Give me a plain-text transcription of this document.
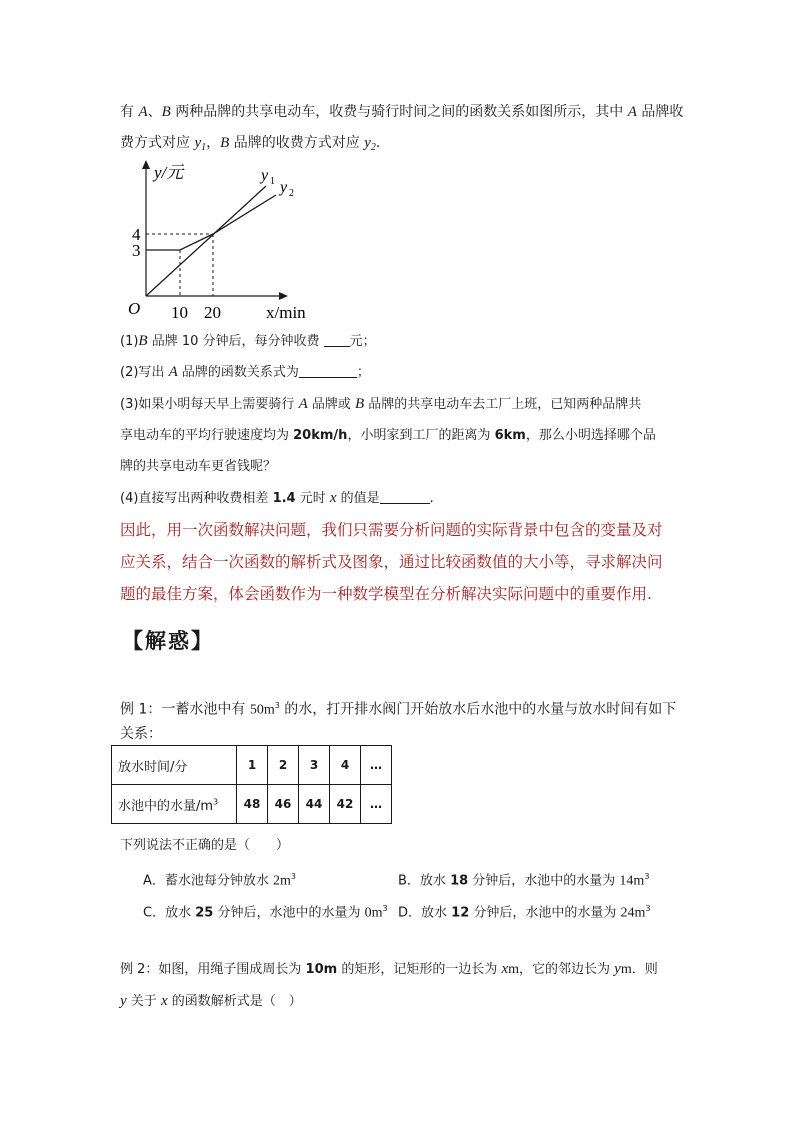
有 A、B 两种品牌的共享电动车，收费与骑行时间之间的函数关系如图所示，其中 A 品牌收
费方式对应 $y_1$，B 品牌的收费方式对应 $y_2$.
y/元
x/min
O
4
3
10 20
y 1 y 2
(1)B 品牌 10 分钟后，每分钟收费 元；
(2)写出 A 品牌的函数关系式为	；
(3)如果小明每天早上需要骑行 A 品牌或 B 品牌的共享电动车去工厂上班，已知两种品牌共
享电动车的平均行驶速度均为 20km/h，小明家到工厂的距离为 6km，那么小明选择哪个品
牌的共享电动车更省钱呢？
(4)直接写出两种收费相差 1.4 元时 x 的值是	.
因此，用一次函数解决问题，我们只需要分析问题的实际背景中包含的变量及对
应关系，结合一次函数的解析式及图象，通过比较函数值的大小等，寻求解决问
题的最佳方案，体会函数作为一种数学模型在分析解决实际问题中的重要作用.
【解惑】
例 1：一蓄水池中有 $50m^3$ 的水，打开排水阀门开始放水后水池中的水量与放水时间有如下
关系：
放水时间/分	1	2	3	4	…
水池中的水量$/m^3$	48	46	44	42	…
下列说法不正确的是（　　）
A．蓄水池每分钟放水 $2m^3$	B．放水 18 分钟后，水池中的水量为 $14m^3$
C．放水 25 分钟后，水池中的水量为 $0m^3$ D．放水 12 分钟后，水池中的水量为 $24m^3$
例 2：如图，用绳子围成周长为 10m 的矩形，记矩形的一边长为 xm，它的邻边长为 ym．则
y 关于 x 的函数解析式是（　）
